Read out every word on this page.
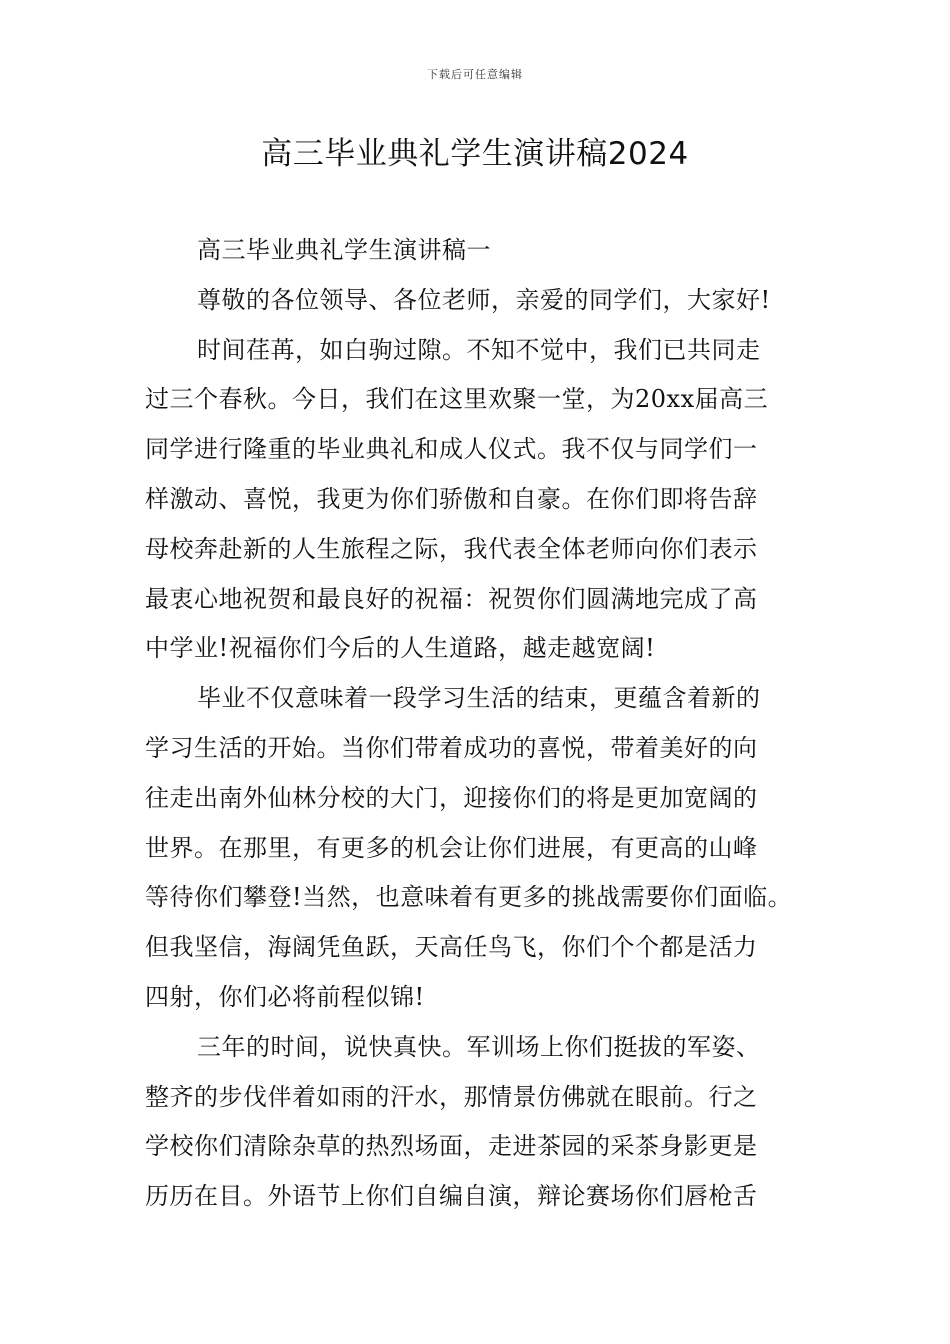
下载后可任意编辑
高三毕业典礼学生演讲稿2024
高三毕业典礼学生演讲稿一
尊敬的各位领导、各位老师，亲爱的同学们，大家好!
时间荏苒，如白驹过隙。不知不觉中，我们已共同走
过三个春秋。今日，我们在这里欢聚一堂，为20xx届高三
同学进行隆重的毕业典礼和成人仪式。我不仅与同学们一
样激动、喜悦，我更为你们骄傲和自豪。在你们即将告辞
母校奔赴新的人生旅程之际，我代表全体老师向你们表示
最衷心地祝贺和最良好的祝福：祝贺你们圆满地完成了高
中学业!祝福你们今后的人生道路，越走越宽阔!
毕业不仅意味着一段学习生活的结束，更蕴含着新的
学习生活的开始。当你们带着成功的喜悦，带着美好的向
往走出南外仙林分校的大门，迎接你们的将是更加宽阔的
世界。在那里，有更多的机会让你们进展，有更高的山峰
等待你们攀登!当然，也意味着有更多的挑战需要你们面临。
但我坚信，海阔凭鱼跃，天高任鸟飞，你们个个都是活力
四射，你们必将前程似锦!
三年的时间，说快真快。军训场上你们挺拔的军姿、
整齐的步伐伴着如雨的汗水，那情景仿佛就在眼前。行之
学校你们清除杂草的热烈场面，走进茶园的采茶身影更是
历历在目。外语节上你们自编自演，辩论赛场你们唇枪舌
